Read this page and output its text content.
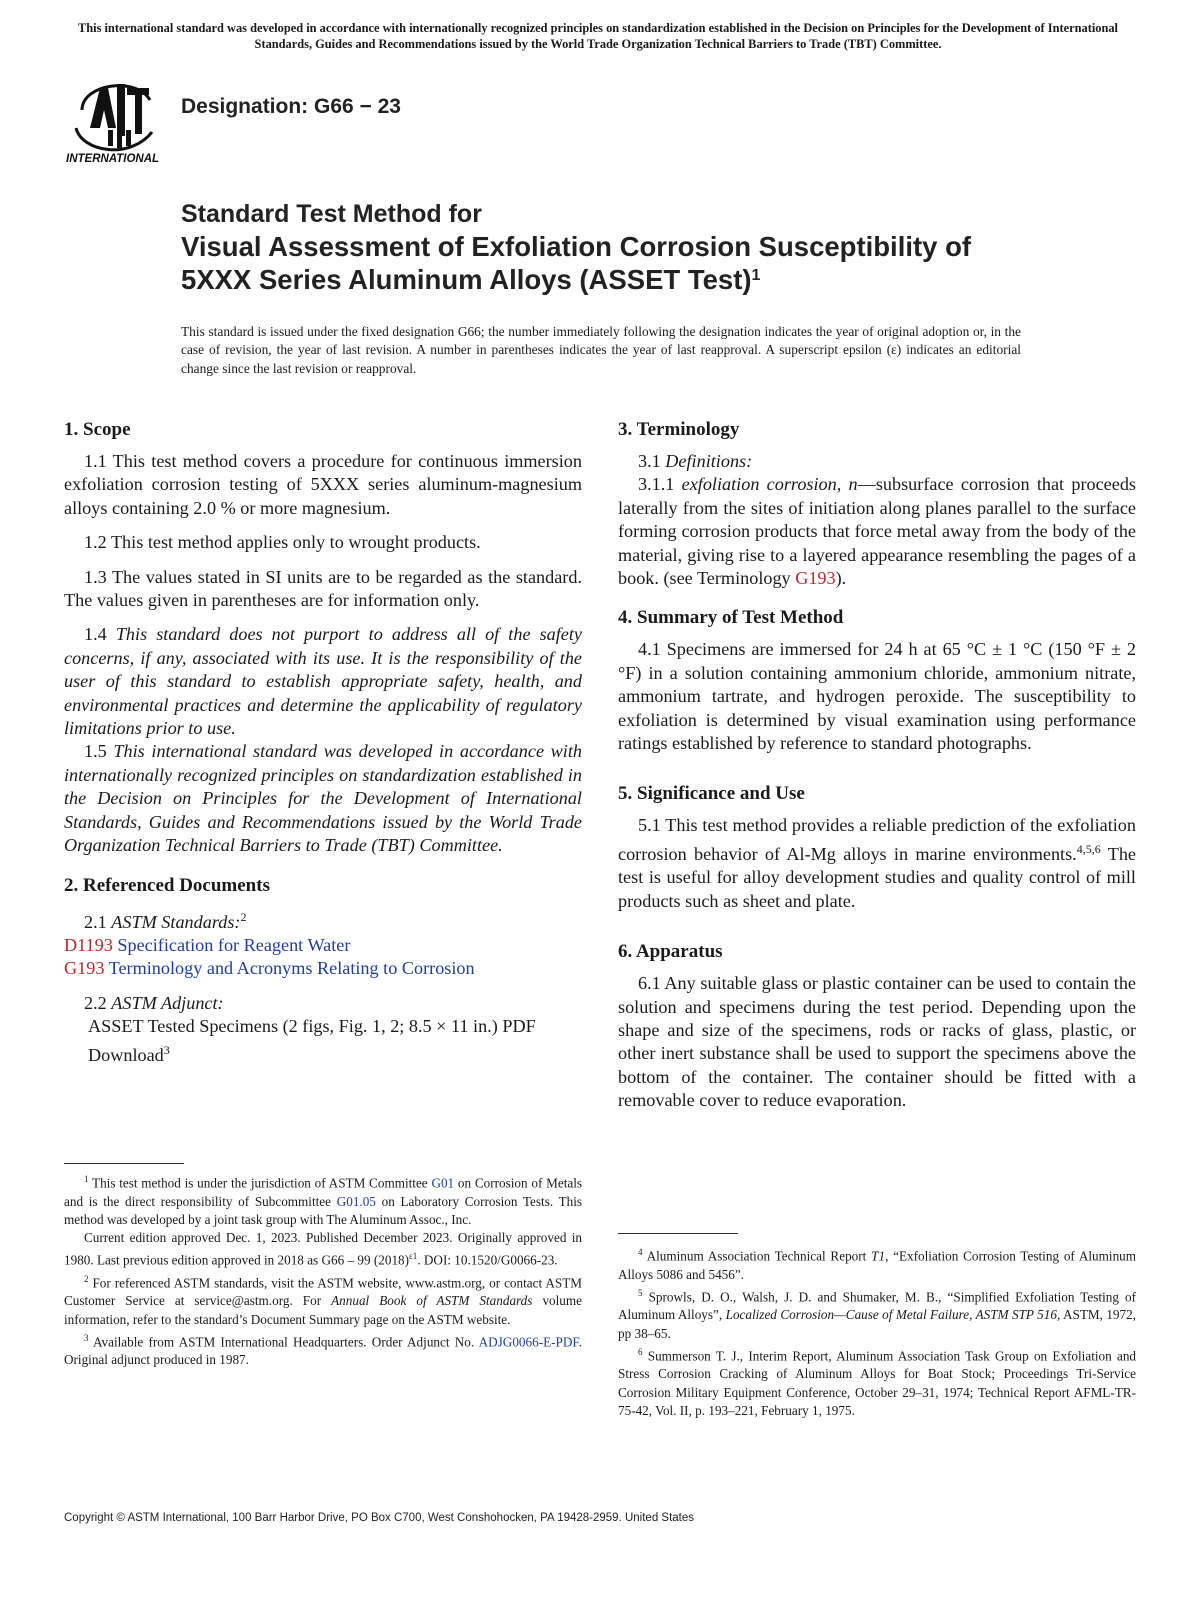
This international standard was developed in accordance with internationally recognized principles on standardization established in the Decision on Principles for the Development of International Standards, Guides and Recommendations issued by the World Trade Organization Technical Barriers to Trade (TBT) Committee.
INTERNATIONAL
Designation: G66 − 23
Standard Test Method for
Visual Assessment of Exfoliation Corrosion Susceptibility of
5XXX Series Aluminum Alloys (ASSET Test)$^1$
This standard is issued under the fixed designation G66; the number immediately following the designation indicates the year of original adoption or, in the case of revision, the year of last revision. A number in parentheses indicates the year of last reapproval. A superscript epsilon (ε) indicates an editorial change since the last revision or reapproval.
1. Scope

1.1 This test method covers a procedure for continuous immersion exfoliation corrosion testing of 5XXX series aluminum-magnesium alloys containing 2.0 % or more magnesium.

1.2 This test method applies only to wrought products.

1.3 The values stated in SI units are to be regarded as the standard. The values given in parentheses are for information only.

1.4 This standard does not purport to address all of the safety concerns, if any, associated with its use. It is the responsibility of the user of this standard to establish appropriate safety, health, and environmental practices and determine the applicability of regulatory limitations prior to use.

1.5 This international standard was developed in accordance with internationally recognized principles on standardization established in the Decision on Principles for the Development of International Standards, Guides and Recommendations issued by the World Trade Organization Technical Barriers to Trade (TBT) Committee.

2. Referenced Documents

2.1 ASTM Standards:$^2$

D1193 Specification for Reagent Water

G193 Terminology and Acronyms Relating to Corrosion

2.2 ASTM Adjunct:

ASSET Tested Specimens (2 figs, Fig. 1, 2; 8.5 × 11 in.) PDF Download$^3$

3. Terminology

3.1 Definitions:

3.1.1 exfoliation corrosion, n—subsurface corrosion that proceeds laterally from the sites of initiation along planes parallel to the surface forming corrosion products that force metal away from the body of the material, giving rise to a layered appearance resembling the pages of a book. (see Terminology G193).

4. Summary of Test Method

4.1 Specimens are immersed for 24 h at 65 °C ± 1 °C (150 °F ± 2 °F) in a solution containing ammonium chloride, ammonium nitrate, ammonium tartrate, and hydrogen peroxide. The susceptibility to exfoliation is determined by visual examination using performance ratings established by reference to standard photographs.

5. Significance and Use

5.1 This test method provides a reliable prediction of the exfoliation corrosion behavior of Al-Mg alloys in marine environments.$^{4,5,6}$ The test is useful for alloy development studies and quality control of mill products such as sheet and plate.

6. Apparatus

6.1 Any suitable glass or plastic container can be used to contain the solution and specimens during the test period. Depending upon the shape and size of the specimens, rods or racks of glass, plastic, or other inert substance shall be used to support the specimens above the bottom of the container. The container should be fitted with a removable cover to reduce evaporation.

$^1$ This test method is under the jurisdiction of ASTM Committee G01 on Corrosion of Metals and is the direct responsibility of Subcommittee G01.05 on Laboratory Corrosion Tests. This method was developed by a joint task group with The Aluminum Assoc., Inc.

Current edition approved Dec. 1, 2023. Published December 2023. Originally approved in 1980. Last previous edition approved in 2018 as G66 – 99 $(2018)^{\varepsilon 1}$. DOI: 10.1520/G0066-23.

$^2$ For referenced ASTM standards, visit the ASTM website, www.astm.org, or contact ASTM Customer Service at service@astm.org. For Annual Book of ASTM Standards volume information, refer to the standard’s Document Summary page on the ASTM website.

$^3$ Available from ASTM International Headquarters. Order Adjunct No. ADJG0066-E-PDF. Original adjunct produced in 1987.

$^4$ Aluminum Association Technical Report T1, “Exfoliation Corrosion Testing of Aluminum Alloys 5086 and 5456”.

$^5$ Sprowls, D. O., Walsh, J. D. and Shumaker, M. B., “Simplified Exfoliation Testing of Aluminum Alloys”, Localized Corrosion—Cause of Metal Failure, ASTM STP 516, ASTM, 1972, pp 38–65.

$^6$ Summerson T. J., Interim Report, Aluminum Association Task Group on Exfoliation and Stress Corrosion Cracking of Aluminum Alloys for Boat Stock; Proceedings Tri-Service Corrosion Military Equipment Conference, October 29–31, 1974; Technical Report AFML-TR-75-42, Vol. II, p. 193–221, February 1, 1975.

Copyright © ASTM International, 100 Barr Harbor Drive, PO Box C700, West Conshohocken, PA 19428-2959. United States
